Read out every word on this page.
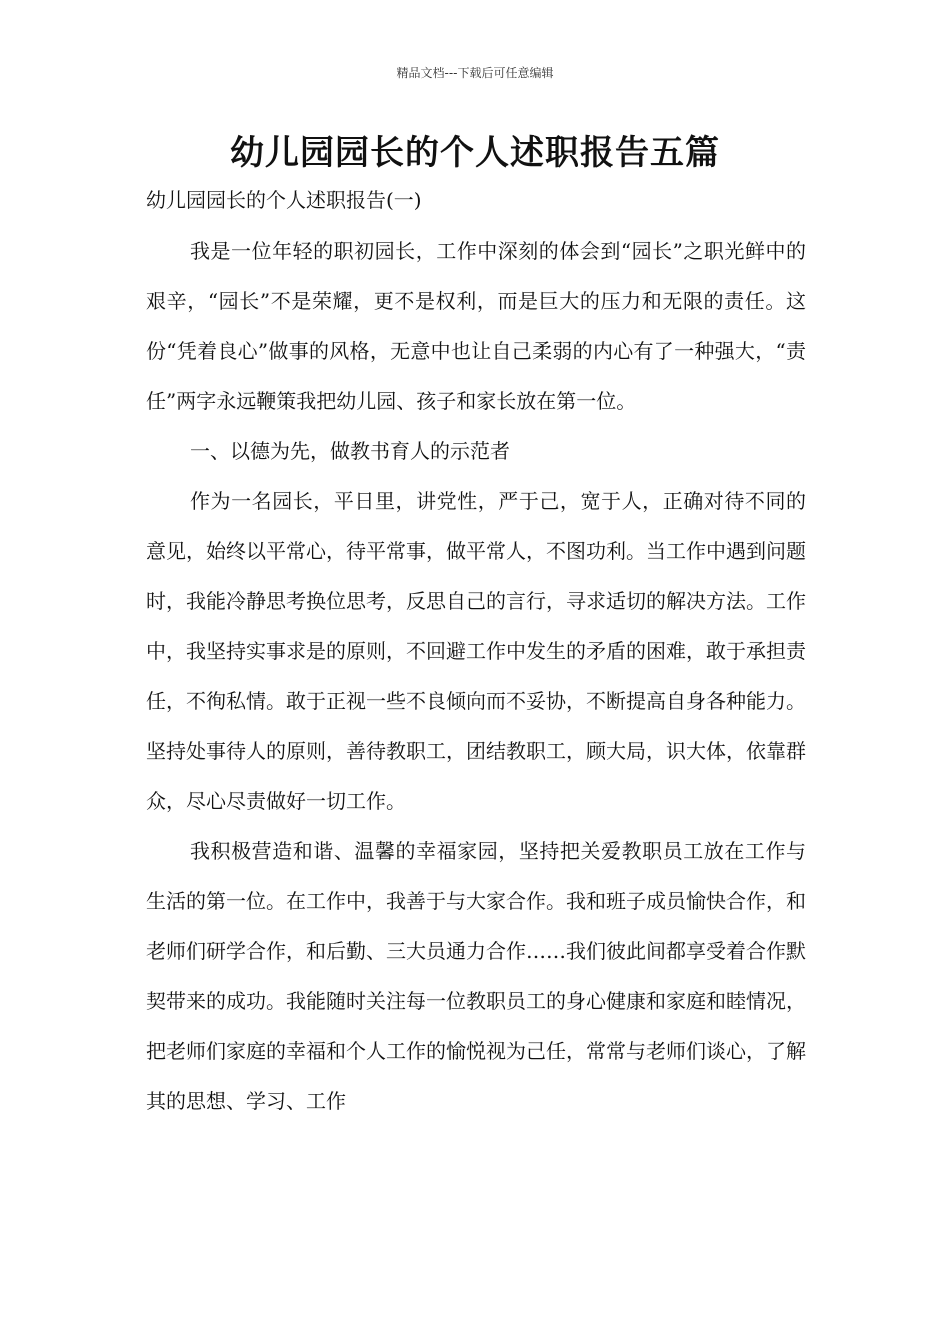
精品文档---下载后可任意编辑
幼儿园园长的个人述职报告五篇

幼儿园园长的个人述职报告(一)

我是一位年轻的职初园长，工作中深刻的体会到“园长”之职光鲜中的艰辛，“园长”不是荣耀，更不是权利，而是巨大的压力和无限的责任。这份“凭着良心”做事的风格，无意中也让自己柔弱的内心有了一种强大，“责任”两字永远鞭策我把幼儿园、孩子和家长放在第一位。

一、以德为先，做教书育人的示范者

作为一名园长，平日里，讲党性，严于己，宽于人，正确对待不同的意见，始终以平常心，待平常事，做平常人，不图功利。当工作中遇到问题时，我能冷静思考换位思考，反思自己的言行，寻求适切的解决方法。工作中，我坚持实事求是的原则，不回避工作中发生的矛盾的困难，敢于承担责任，不徇私情。敢于正视一些不良倾向而不妥协，不断提高自身各种能力。坚持处事待人的原则，善待教职工，团结教职工，顾大局，识大体，依靠群众，尽心尽责做好一切工作。

我积极营造和谐、温馨的幸福家园，坚持把关爱教职员工放在工作与生活的第一位。在工作中，我善于与大家合作。我和班子成员愉快合作，和老师们研学合作，和后勤、三大员通力合作……我们彼此间都享受着合作默契带来的成功。我能随时关注每一位教职员工的身心健康和家庭和睦情况，把老师们家庭的幸福和个人工作的愉悦视为己任，常常与老师们谈心，了解其的思想、学习、工作
